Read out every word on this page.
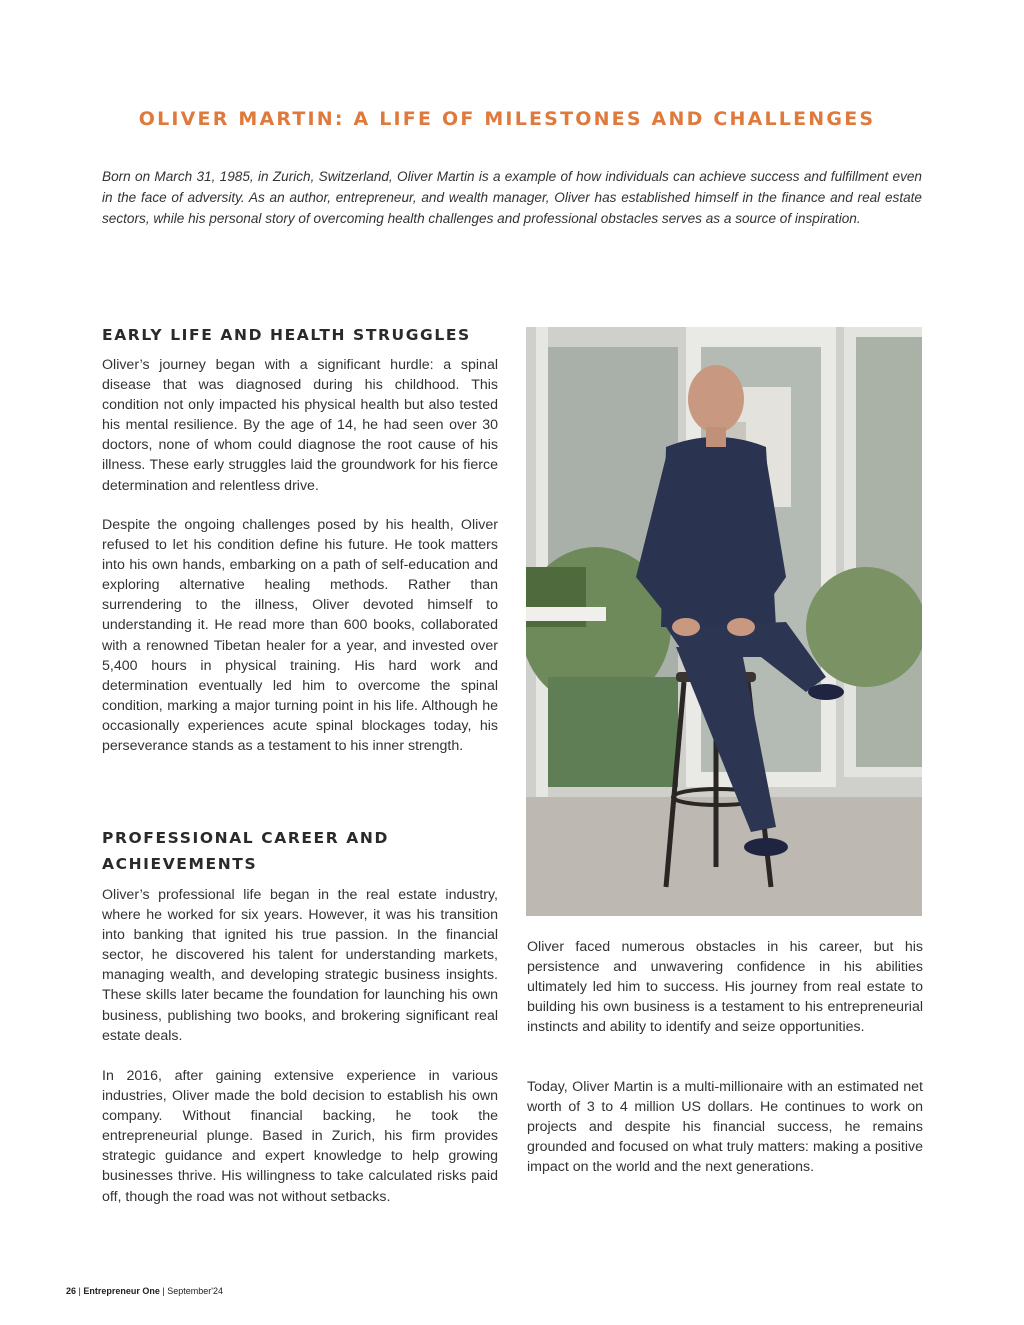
OLIVER MARTIN: A LIFE OF MILESTONES AND CHALLENGES

Born on March 31, 1985, in Zurich, Switzerland, Oliver Martin is a example of how individuals can achieve success and fulfillment even in the face of adversity. As an author, entrepreneur, and wealth manager, Oliver has established himself in the finance and real estate sectors, while his personal story of overcoming health challenges and professional obstacles serves as a source of inspiration.

EARLY LIFE AND HEALTH STRUGGLES

Oliver’s journey began with a significant hurdle: a spinal disease that was diagnosed during his childhood. This condition not only impacted his physical health but also tested his mental resilience. By the age of 14, he had seen over 30 doctors, none of whom could diagnose the root cause of his illness. These early struggles laid the groundwork for his fierce determination and relentless drive.

Despite the ongoing challenges posed by his health, Oliver refused to let his condition define his future. He took matters into his own hands, embarking on a path of self-education and exploring alternative healing methods. Rather than surrendering to the illness, Oliver devoted himself to understanding it. He read more than 600 books, collaborated with a renowned Tibetan healer for a year, and invested over 5,400 hours in physical training. His hard work and determination eventually led him to overcome the spinal condition, marking a major turning point in his life. Although he occasionally experiences acute spinal blockages today, his perseverance stands as a testament to his inner strength.

PROFESSIONAL CAREER AND
ACHIEVEMENTS

Oliver’s professional life began in the real estate industry, where he worked for six years. However, it was his transition into banking that ignited his true passion. In the financial sector, he discovered his talent for understanding markets, managing wealth, and developing strategic business insights. These skills later became the foundation for launching his own business, publishing two books, and brokering significant real estate deals.

In 2016, after gaining extensive experience in various industries, Oliver made the bold decision to establish his own company. Without financial backing, he took the entrepreneurial plunge. Based in Zurich, his firm provides strategic guidance and expert knowledge to help growing businesses thrive. His willingness to take calculated risks paid off, though the road was not without setbacks.

Oliver faced numerous obstacles in his career, but his persistence and unwavering confidence in his abilities ultimately led him to success. His journey from real estate to building his own business is a testament to his entrepreneurial instincts and ability to identify and seize opportunities.

Today, Oliver Martin is a multi-millionaire with an estimated net worth of 3 to 4 million US dollars. He continues to work on projects and despite his financial success, he remains grounded and focused on what truly matters: making a positive impact on the world and the next generations.

26 | Entrepreneur One | September'24
